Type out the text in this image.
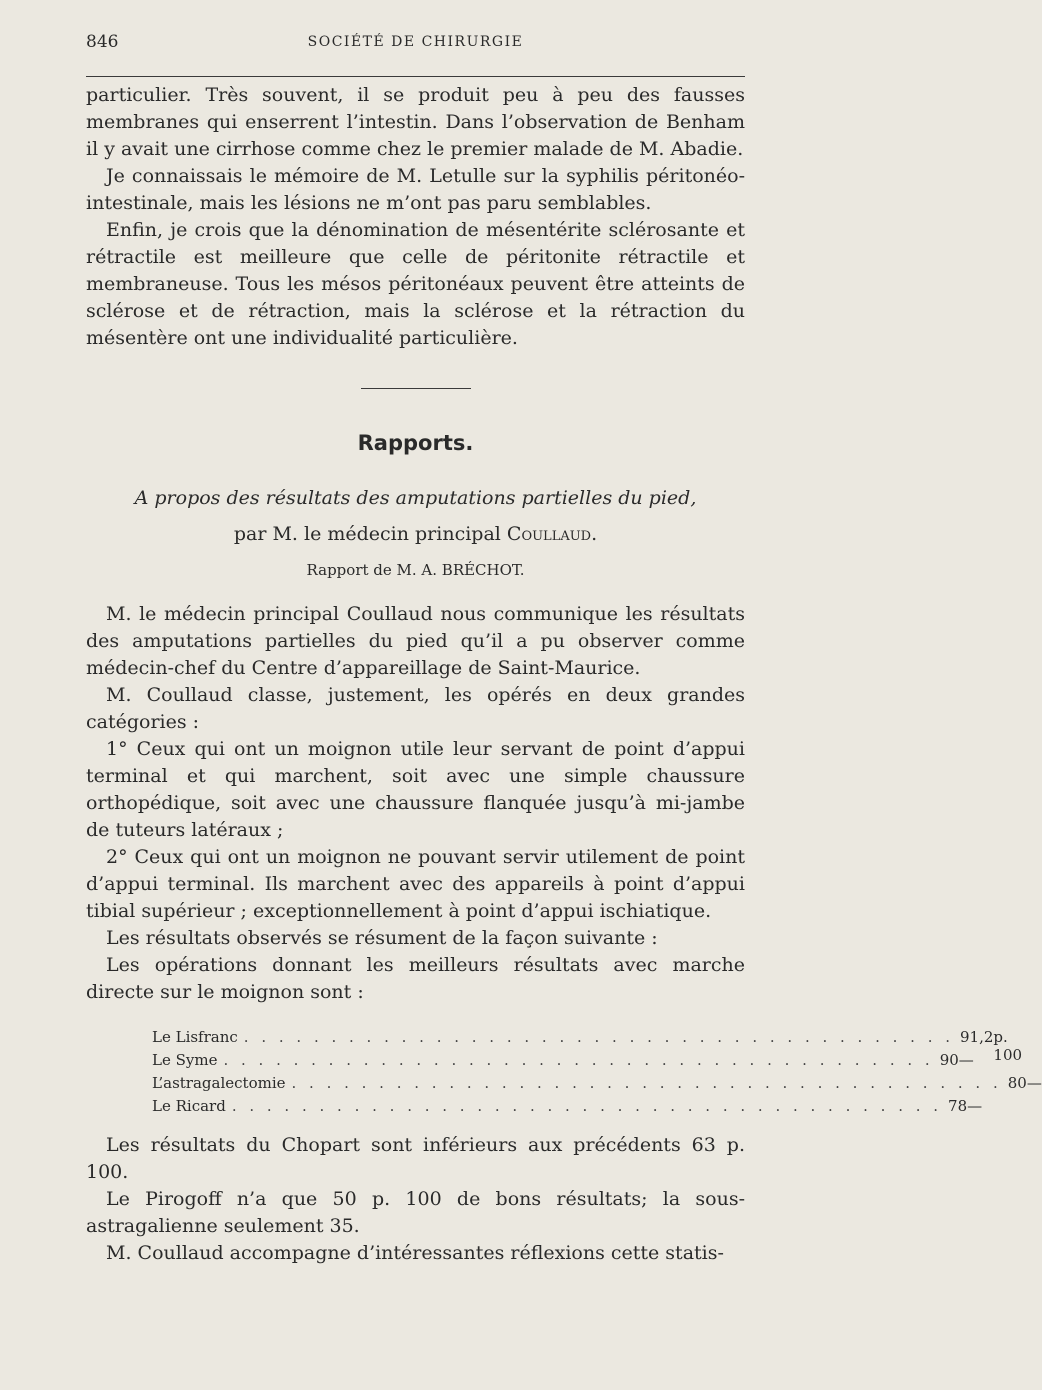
846	SOCIÉTÉ DE CHIRURGIE

particulier. Très souvent, il se produit peu à peu des fausses membranes qui enserrent l’intestin. Dans l’observation de Benham il y avait une cirrhose comme chez le premier malade de M. Abadie.

Je connaissais le mémoire de M. Letulle sur la syphilis péritonéo-intestinale, mais les lésions ne m’ont pas paru semblables.

Enfin, je crois que la dénomination de mésentérite sclérosante et rétractile est meilleure que celle de péritonite rétractile et membraneuse. Tous les mésos péritonéaux peuvent être atteints de sclérose et de rétraction, mais la sclérose et la rétraction du mésentère ont une individualité particulière.

Rapports.
A propos des résultats des amputations partielles du pied,
par M. le médecin principal Coullaud.
Rapport de M. A. BRÉCHOT.

M. le médecin principal Coullaud nous communique les résultats des amputations partielles du pied qu’il a pu observer comme médecin-chef du Centre d’appareillage de Saint-Maurice.

M. Coullaud classe, justement, les opérés en deux grandes catégories :

1° Ceux qui ont un moignon utile leur servant de point d’appui terminal et qui marchent, soit avec une simple chaussure orthopédique, soit avec une chaussure flanquée jusqu’à mi-jambe de tuteurs latéraux ;

2° Ceux qui ont un moignon ne pouvant servir utilement de point d’appui terminal. Ils marchent avec des appareils à point d’appui tibial supérieur ; exceptionnellement à point d’appui ischiatique.

Les résultats observés se résument de la façon suivante :

Les opérations donnant les meilleurs résultats avec marche directe sur le moignon sont :

Le Lisfranc . . . . . . . . . . . . . . . . . . . . . . . . . . . . . . . . . . . . . . . . . 91,2 p. 100
Le Syme . . . . . . . . . . . . . . . . . . . . . . . . . . . . . . . . . . . . . . . . . 90 —
L’astragalectomie . . . . . . . . . . . . . . . . . . . . . . . . . . . . . . . . . . . . . . . . . 80 —
Le Ricard . . . . . . . . . . . . . . . . . . . . . . . . . . . . . . . . . . . . . . . . . 78 —

Les résultats du Chopart sont inférieurs aux précédents 63 p. 100.

Le Pirogoff n’a que 50 p. 100 de bons résultats; la sous-astragalienne seulement 35.

M. Coullaud accompagne d’intéressantes réflexions cette statis-
